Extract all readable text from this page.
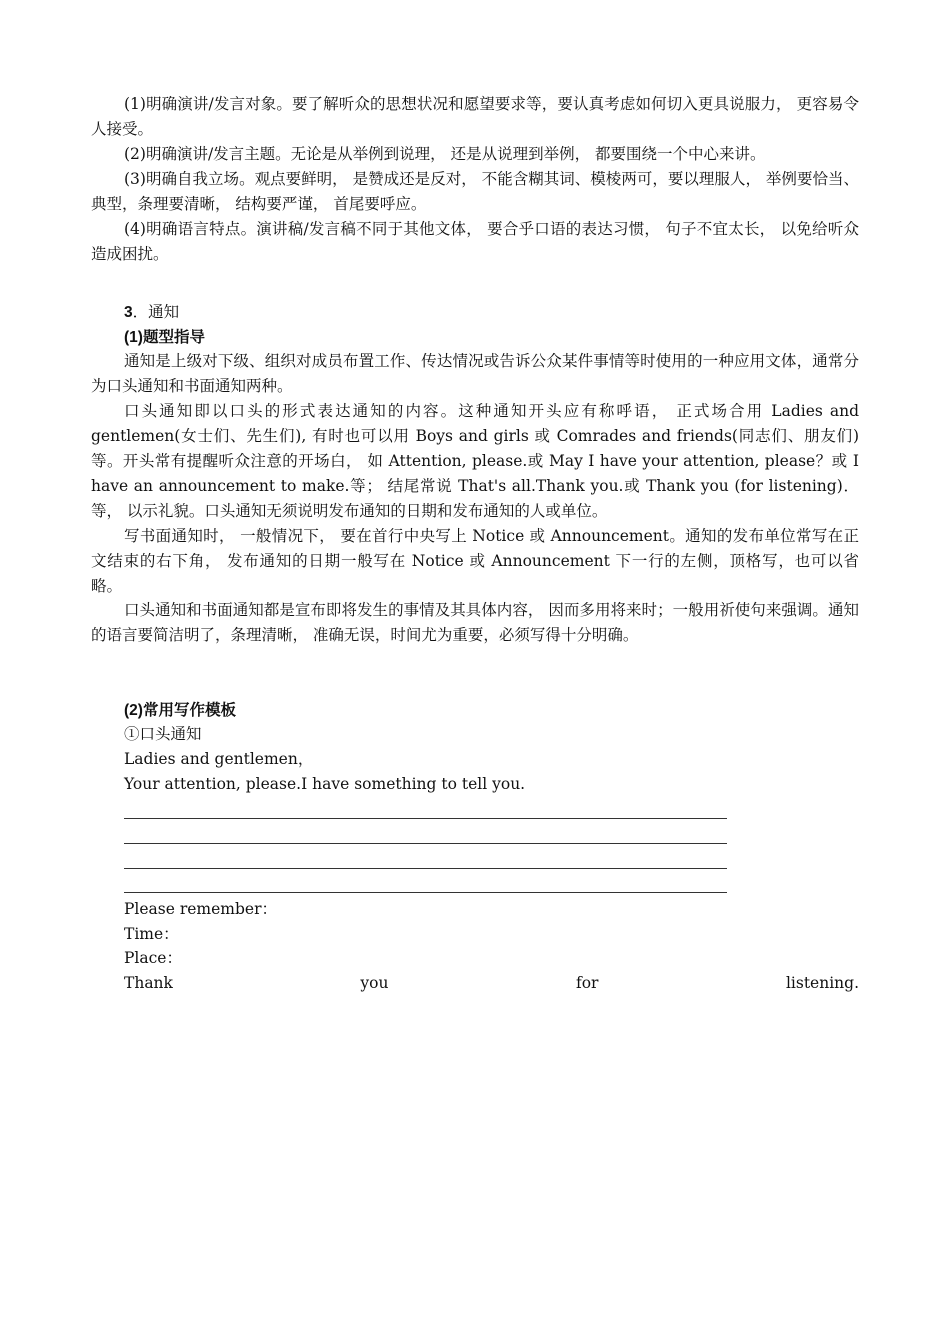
(1)明确演讲/发言对象。要了解听众的思想状况和愿望要求等，要认真考虑如何切入更具说服力， 更容易令人接受。

(2)明确演讲/发言主题。无论是从举例到说理， 还是从说理到举例， 都要围绕一个中心来讲。

(3)明确自我立场。观点要鲜明， 是赞成还是反对， 不能含糊其词、模棱两可，要以理服人， 举例要恰当、典型，条理要清晰， 结构要严谨， 首尾要呼应。

(4)明确语言特点。演讲稿/发言稿不同于其他文体， 要合乎口语的表达习惯， 句子不宜太长， 以免给听众造成困扰。

3．通知
(1)题型指导

通知是上级对下级、组织对成员布置工作、传达情况或告诉公众某件事情等时使用的一种应用文体，通常分为口头通知和书面通知两种。

口头通知即以口头的形式表达通知的内容。这种通知开头应有称呼语， 正式场合用 Ladies and gentlemen(女士们、先生们), 有时也可以用 Boys and girls 或 Comrades and friends(同志们、朋友们)等。开头常有提醒听众注意的开场白， 如 Attention, please.或 May I have your attention, please？或 I have an announcement to make.等； 结尾常说 That's all.Thank you.或 Thank you (for listening)．等， 以示礼貌。口头通知无须说明发布通知的日期和发布通知的人或单位。

写书面通知时， 一般情况下， 要在首行中央写上 Notice 或 Announcement。通知的发布单位常写在正文结束的右下角， 发布通知的日期一般写在 Notice 或 Announcement 下一行的左侧，顶格写，也可以省略。

口头通知和书面通知都是宣布即将发生的事情及其具体内容， 因而多用将来时；一般用祈使句来强调。通知的语言要简洁明了，条理清晰， 准确无误，时间尤为重要，必须写得十分明确。

(2)常用写作模板
①口头通知
Ladies and gentlemen，
Your attention, please.I have something to tell you.
Please remember：
Time：
Place：
Thank	you	for	listening.
